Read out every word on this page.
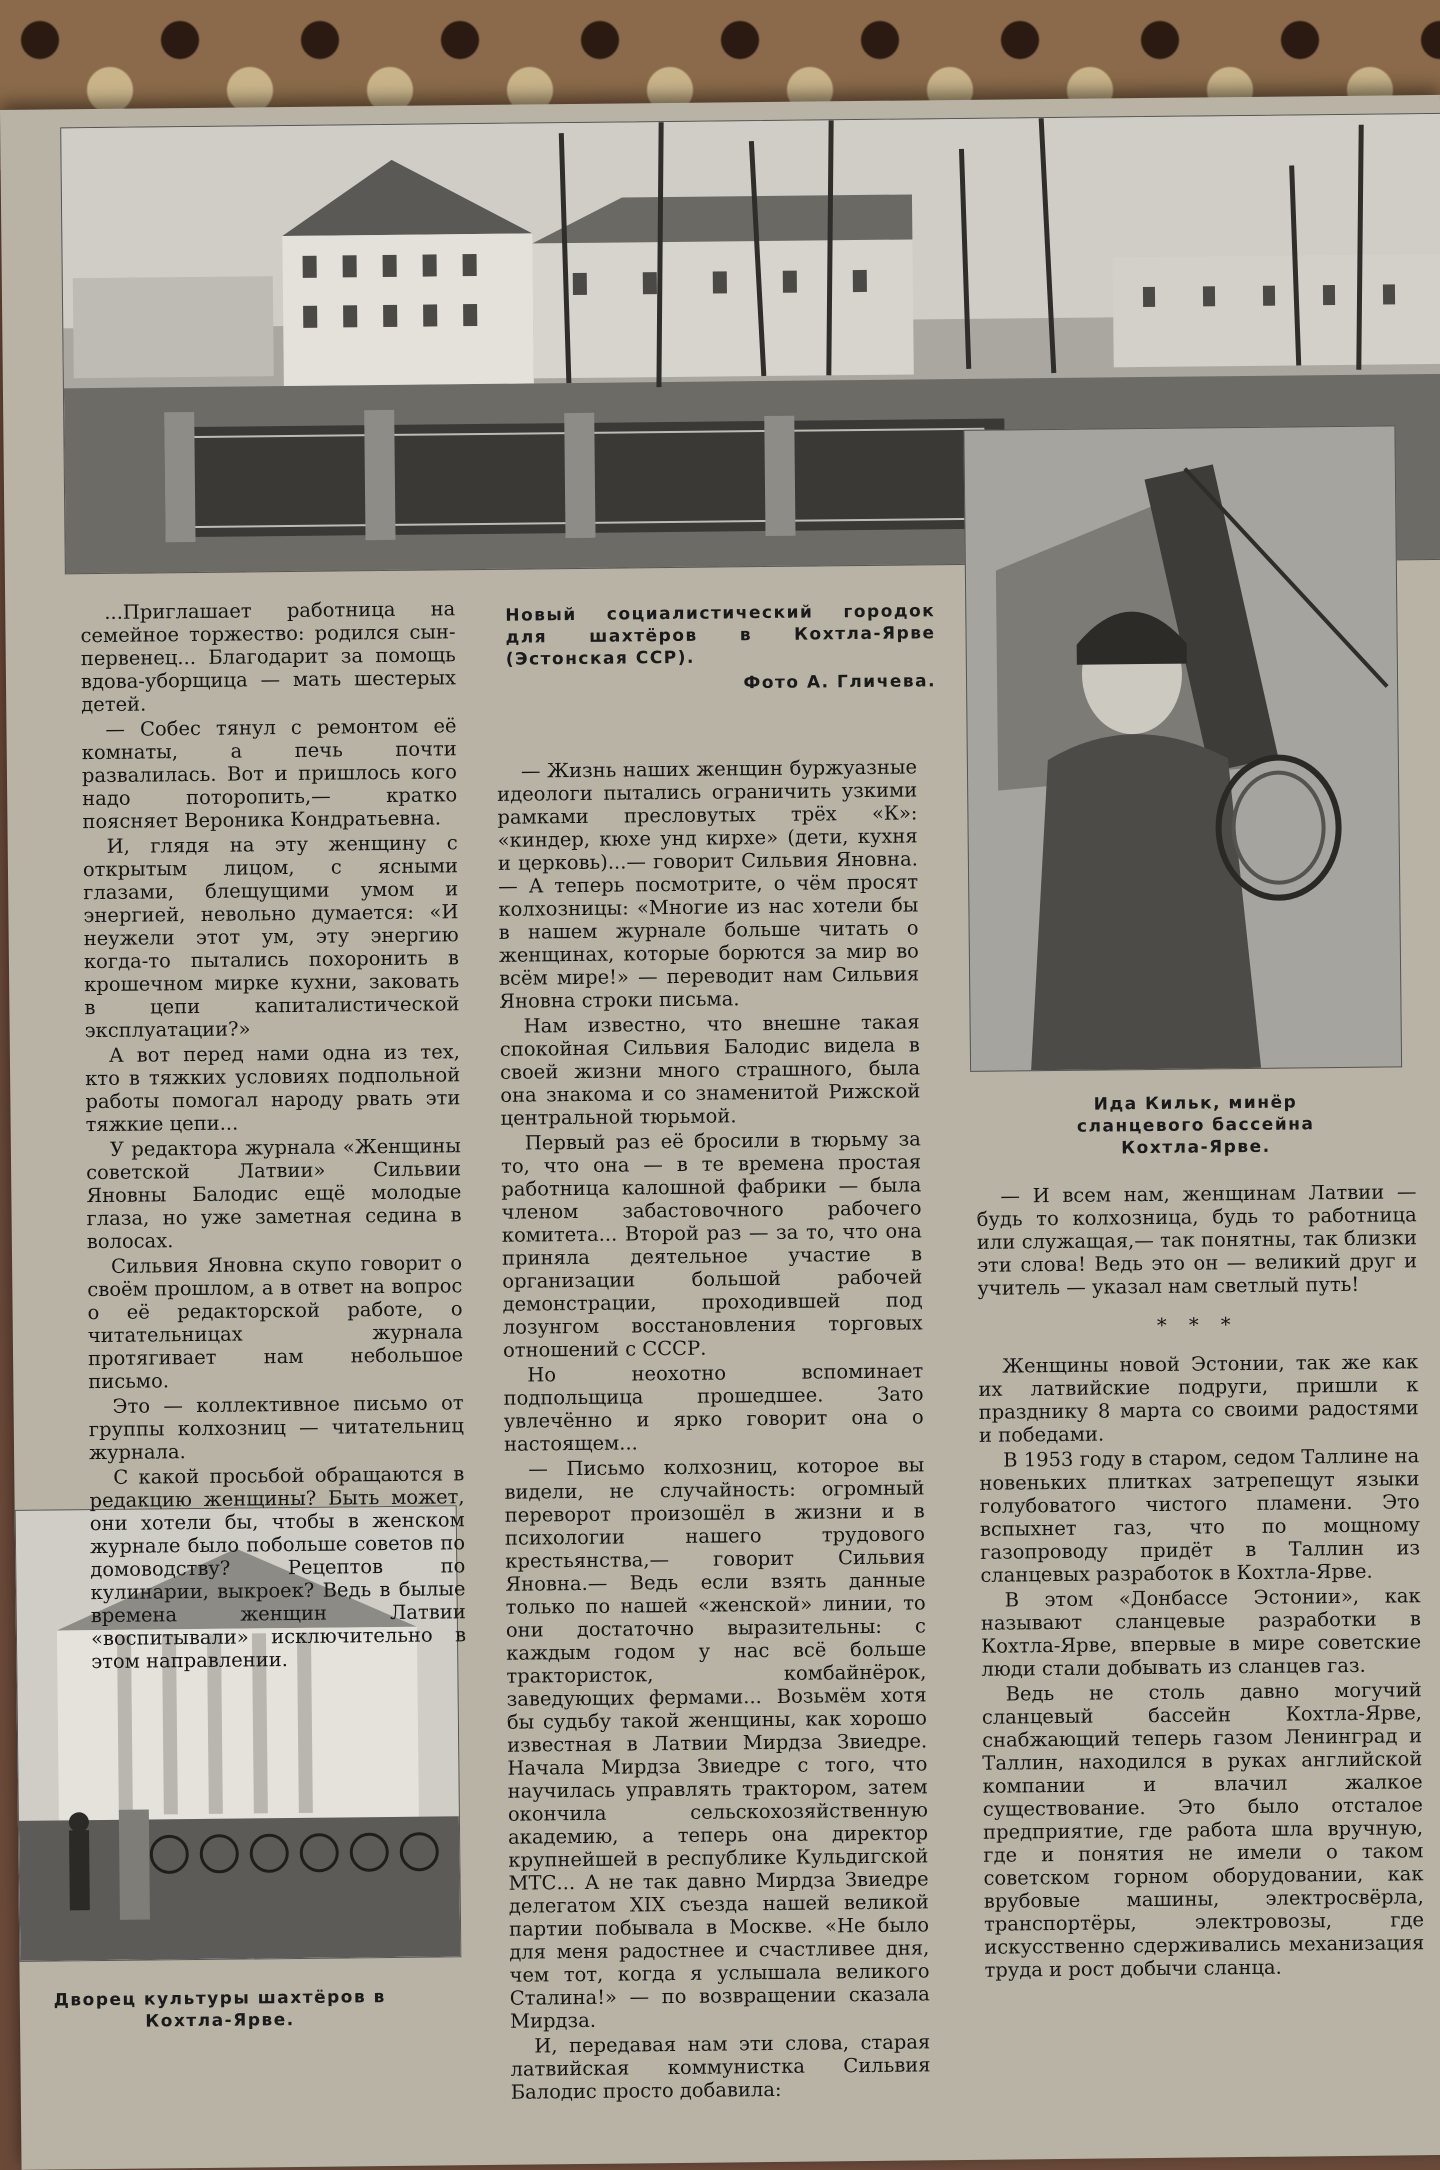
Новый социалистический городок для шахтёров в Кохтла-Ярве (Эстонская ССР).
Фото А. Гличева.
Ида Кильк, минёр сланцевого бассейна Кохтла-Ярве.
Дворец культуры шахтёров в Кохтла-Ярве.

...Приглашает работница на семейное торжество: родился сын-первенец... Благодарит за помощь вдова-уборщица — мать шестерых детей.

— Собес тянул с ремонтом её комнаты, а печь почти развалилась. Вот и пришлось кого надо поторопить,— кратко поясняет Вероника Кондратьевна.

И, глядя на эту женщину с открытым лицом, с ясными глазами, блещущими умом и энергией, невольно думается: «И неужели этот ум, эту энергию когда-то пытались похоронить в крошечном мирке кухни, заковать в цепи капиталистической эксплуатации?»

А вот перед нами одна из тех, кто в тяжких условиях подпольной работы помогал народу рвать эти тяжкие цепи...

У редактора журнала «Женщины советской Латвии» Сильвии Яновны Балодис ещё молодые глаза, но уже заметная седина в волосах.

Сильвия Яновна скупо говорит о своём прошлом, а в ответ на вопрос о её редакторской работе, о читательницах журнала протягивает нам небольшое письмо.

Это — коллективное письмо от группы колхозниц — читательниц журнала.

С какой просьбой обращаются в редакцию женщины? Быть может, они хотели бы, чтобы в женском журнале было побольше советов по домоводству? Рецептов по кулинарии, выкроек? Ведь в былые времена женщин Латвии «воспитывали» исключительно в этом направлении.

— Жизнь наших женщин буржуазные идеологи пытались ограничить узкими рамками пресловутых трёх «К»: «киндер, кюхе унд кирхе» (дети, кухня и церковь)...— говорит Сильвия Яновна.— А теперь посмотрите, о чём просят колхозницы: «Многие из нас хотели бы в нашем журнале больше читать о женщинах, которые борются за мир во всём мире!» — переводит нам Сильвия Яновна строки письма.

Нам известно, что внешне такая спокойная Сильвия Балодис видела в своей жизни много страшного, была она знакома и со знаменитой Рижской центральной тюрьмой.

Первый раз её бросили в тюрьму за то, что она — в те времена простая работница калошной фабрики — была членом забастовочного рабочего комитета... Второй раз — за то, что она приняла деятельное участие в организации большой рабочей демонстрации, проходившей под лозунгом восстановления торговых отношений с СССР.

Но неохотно вспоминает подпольщица прошедшее. Зато увлечённо и ярко говорит она о настоящем...

— Письмо колхозниц, которое вы видели, не случайность: огромный переворот произошёл в жизни и в психологии нашего трудового крестьянства,— говорит Сильвия Яновна.— Ведь если взять данные только по нашей «женской» линии, то они достаточно выразительны: с каждым годом у нас всё больше трактористок, комбайнёрок, заведующих фермами... Возьмём хотя бы судьбу такой женщины, как хорошо известная в Латвии Мирдза Звиедре. Начала Мирдза Звиедре с того, что научилась управлять трактором, затем окончила сельскохозяйственную академию, а теперь она директор крупнейшей в республике Кульдигской МТС... А не так давно Мирдза Звиедре делегатом XIX съезда нашей великой партии побывала в Москве. «Не было для меня радостнее и счастливее дня, чем тот, когда я услышала великого Сталина!» — по возвращении сказала Мирдза.

И, передавая нам эти слова, старая латвийская коммунистка Сильвия Балодис просто добавила:

— И всем нам, женщинам Латвии — будь то колхозница, будь то работница или служащая,— так понятны, так близки эти слова! Ведь это он — великий друг и учитель — указал нам светлый путь!

* * *

Женщины новой Эстонии, так же как их латвийские подруги, пришли к празднику 8 марта со своими радостями и победами.

В 1953 году в старом, седом Таллине на новеньких плитках затрепещут языки голубоватого чистого пламени. Это вспыхнет газ, что по мощному газопроводу придёт в Таллин из сланцевых разработок в Кохтла-Ярве.

В этом «Донбассе Эстонии», как называют сланцевые разработки в Кохтла-Ярве, впервые в мире советские люди стали добывать из сланцев газ.

Ведь не столь давно могучий сланцевый бассейн Кохтла-Ярве, снабжающий теперь газом Ленинград и Таллин, находился в руках английской компании и влачил жалкое существование. Это было отсталое предприятие, где работа шла вручную, где и понятия не имели о таком советском горном оборудовании, как врубовые машины, электросвёрла, транспортёры, электровозы, где искусственно сдерживались механизация труда и рост добычи сланца.
